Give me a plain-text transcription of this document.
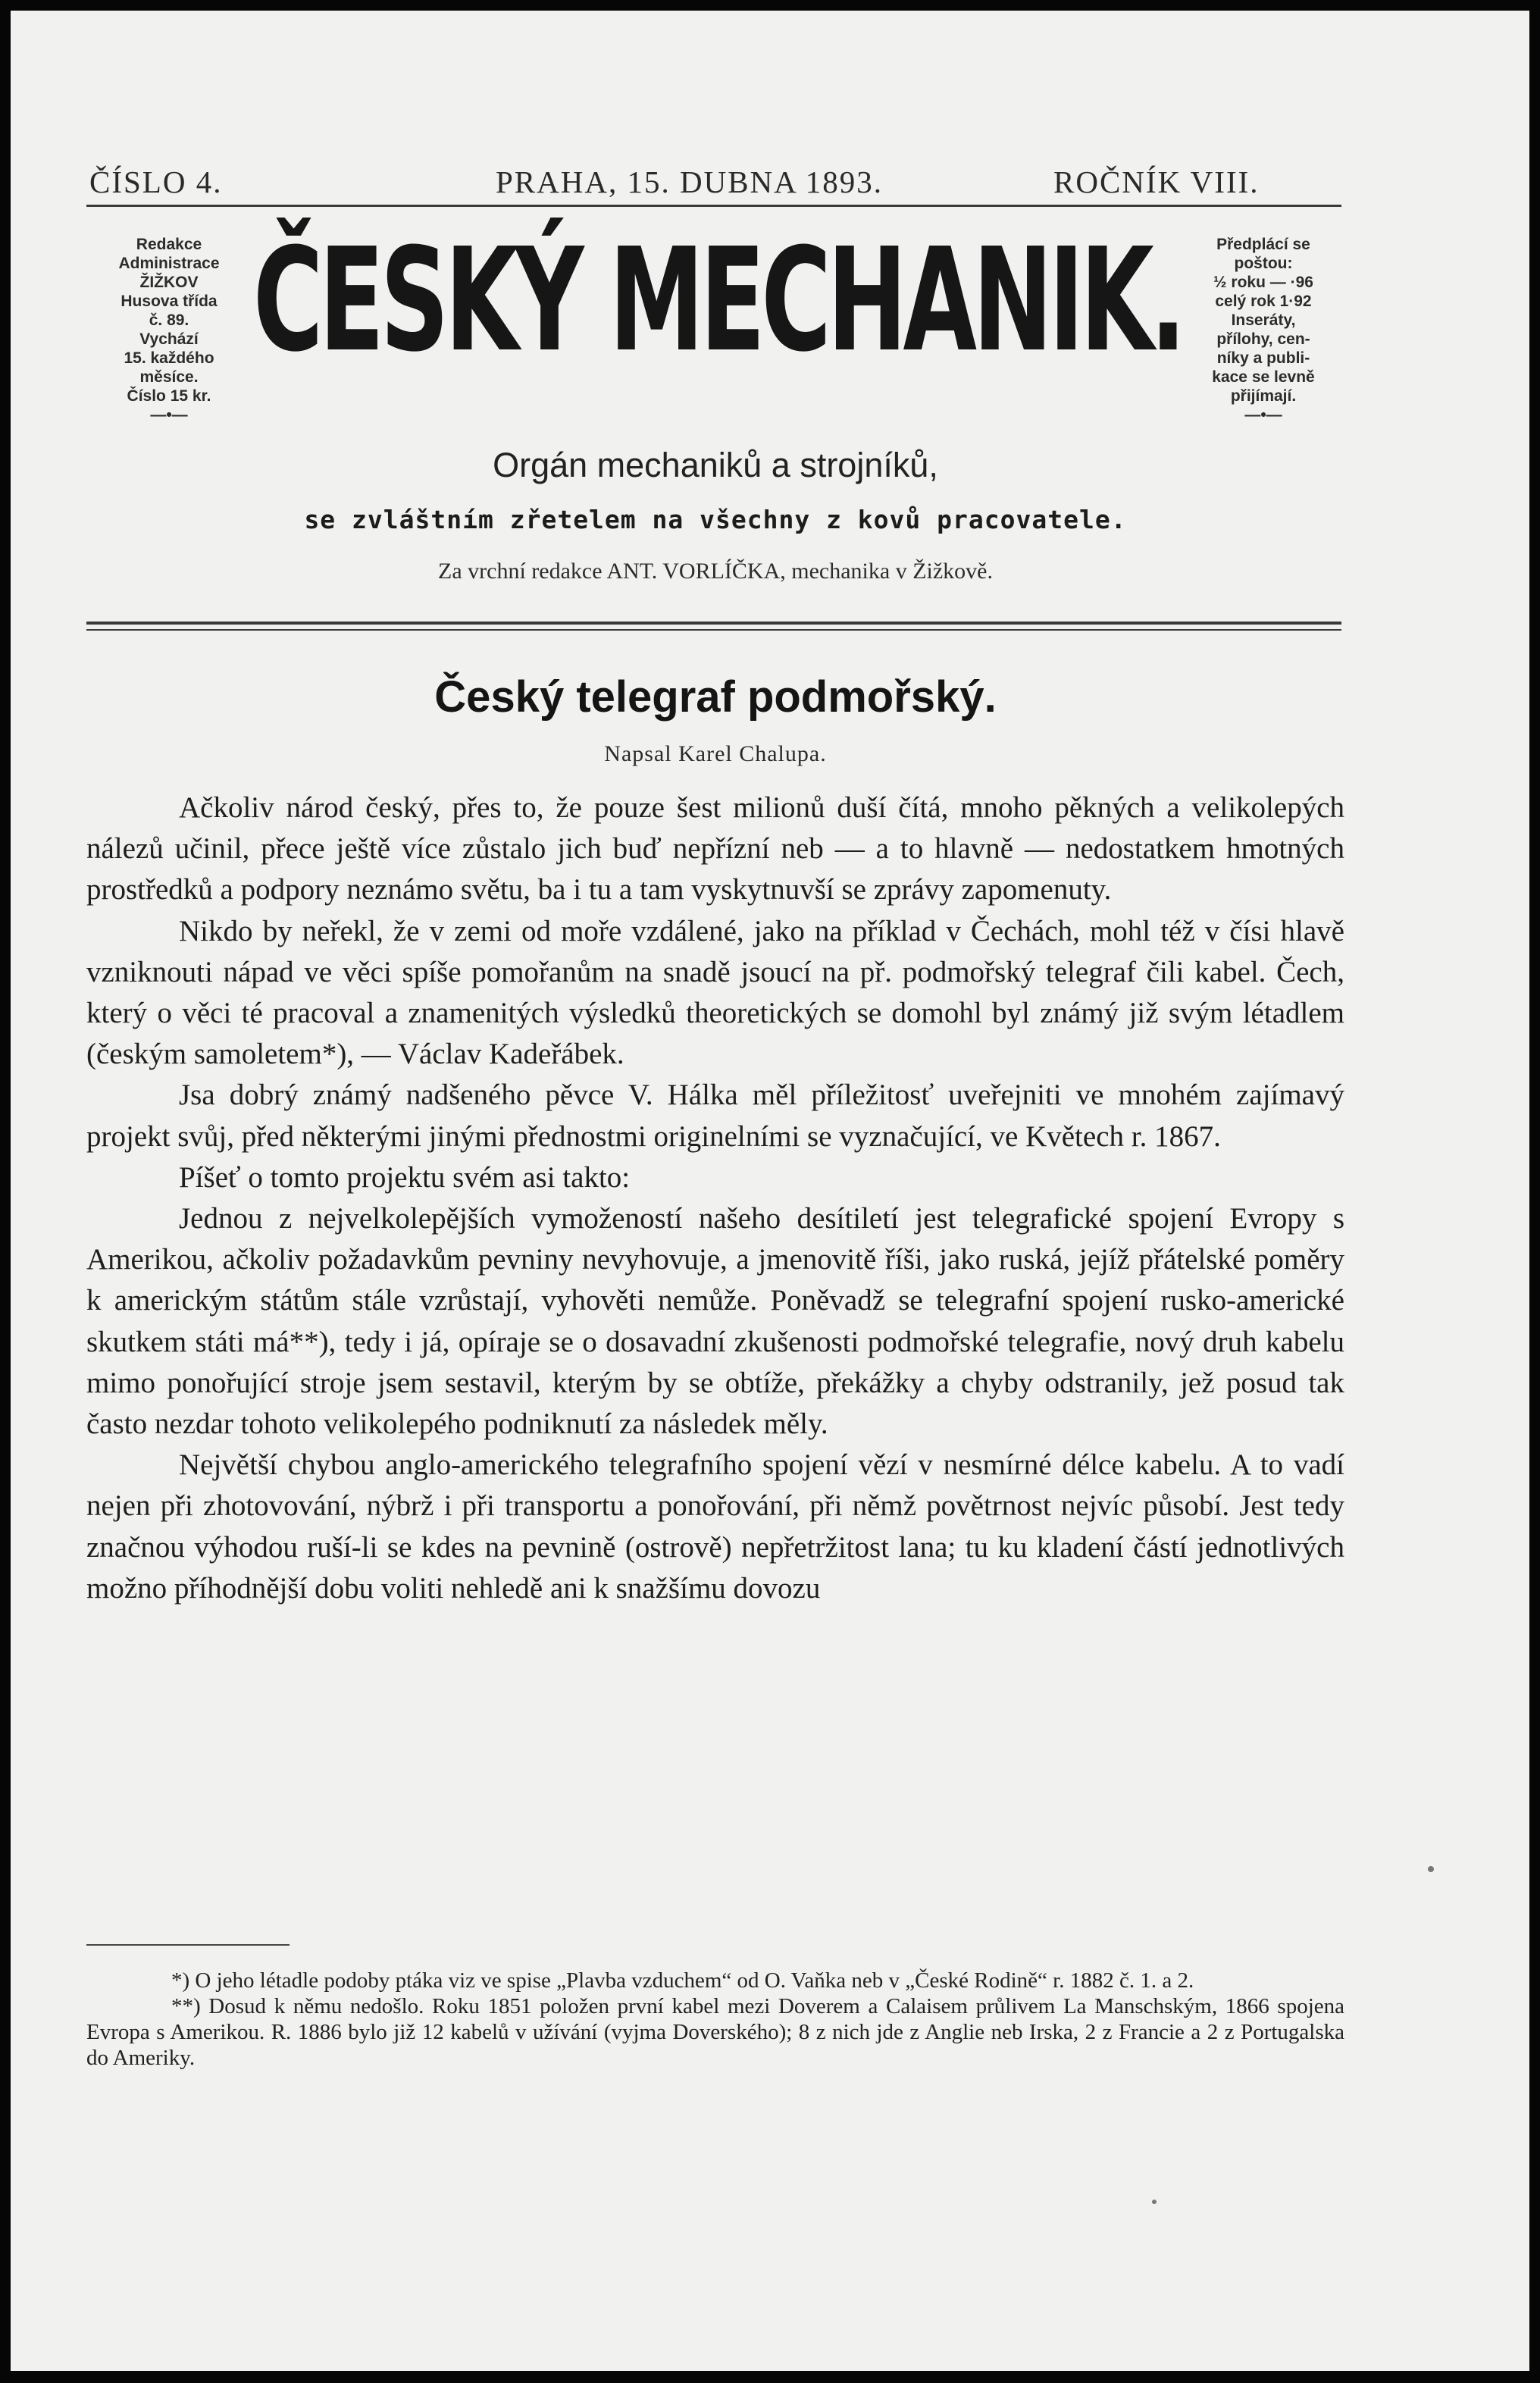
ČÍSLO 4.	PRAHA, 15. DUBNA 1893.	ROČNÍK VIII.
Redakce
Administrace
ŽIŽKOV
Husova třída
č. 89.
Vychází
15. každého
měsíce.
Číslo 15 kr.
—•—
ČESKÝ MECHANIK.	Předplácí se
poštou:
½ roku — ·96
celý rok 1·92
Inseráty,
přílohy, cen-
níky a publi-
kace se levně
přijímají.
—•—
Orgán mechaniků a strojníků,
se zvláštním zřetelem na všechny z kovů pracovatele.
Za vrchní redakce ANT. VORLÍČKA, mechanika v Žižkově.
Český telegraf podmořský.
Napsal Karel Chalupa.

Ačkoliv národ český, přes to, že pouze šest milionů duší čítá, mnoho pěkných a velikolepých nálezů učinil, přece ještě více zůstalo jich buď nepřízní neb — a to hlavně — nedostatkem hmotných prostředků a podpory neznámo světu, ba i tu a tam vyskytnuvší se zprávy zapomenuty.

Nikdo by neřekl, že v zemi od moře vzdálené, jako na příklad v Čechách, mohl též v čísi hlavě vzniknouti nápad ve věci spíše pomořanům na snadě jsoucí na př. podmořský telegraf čili kabel. Čech, který o věci té pracoval a znamenitých výsledků theoretických se domohl byl známý již svým létadlem (českým samoletem*), — Václav Kadeřábek.

Jsa dobrý známý nadšeného pěvce V. Hálka měl příležitosť uveřejniti ve mnohém zajímavý projekt svůj, před některými jinými přednostmi originelními se vyznačující, ve Květech r. 1867.

Píšeť o tomto projektu svém asi takto:

Jednou z nejvelkolepějších vymožeností našeho desítiletí jest telegrafické spojení Evropy s Amerikou, ačkoliv požadavkům pevniny nevyhovuje, a jmenovitě říši, jako ruská, jejíž přátelské poměry k americkým státům stále vzrůstají, vyhověti nemůže. Poněvadž se telegrafní spojení rusko-americké skutkem státi má**), tedy i já, opíraje se o dosavadní zkušenosti podmořské telegrafie, nový druh kabelu mimo ponořující stroje jsem sestavil, kterým by se obtíže, překážky a chyby odstranily, jež posud tak často nezdar tohoto velikolepého podniknutí za následek měly.

Největší chybou anglo-amerického telegrafního spojení vězí v nesmírné délce kabelu. A to vadí nejen při zhotovování, nýbrž i při transportu a ponořování, při němž povětrnost nejvíc působí. Jest tedy značnou výhodou ruší-li se kdes na pevnině (ostrově) nepřetržitost lana; tu ku kladení částí jednotlivých možno příhodnější dobu voliti nehledě ani k snažšímu dovozu

*) O jeho létadle podoby ptáka viz ve spise „Plavba vzduchem“ od O. Vaňka neb v „České Rodině“ r. 1882 č. 1. a 2.

**) Dosud k němu nedošlo. Roku 1851 položen první kabel mezi Doverem a Calaisem průlivem La Manschským, 1866 spojena Evropa s Amerikou. R. 1886 bylo již 12 kabelů v užívání (vyjma Doverského); 8 z nich jde z Anglie neb Irska, 2 z Francie a 2 z Portugalska do Ameriky.
